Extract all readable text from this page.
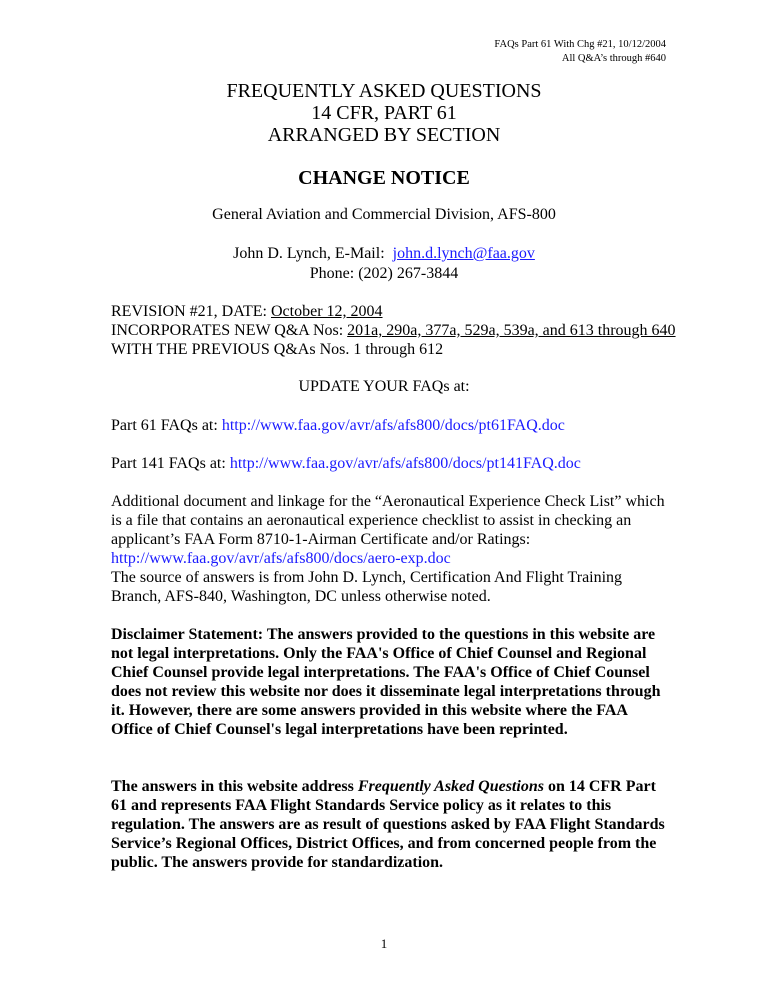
FAQs Part 61 With Chg #21, 10/12/2004
All Q&A’s through #640
FREQUENTLY ASKED QUESTIONS
14 CFR, PART 61
ARRANGED BY SECTION
CHANGE NOTICE
General Aviation and Commercial Division, AFS-800
John D. Lynch, E-Mail: john.d.lynch@faa.gov
Phone: (202) 267-3844
REVISION #21, DATE: October 12, 2004
INCORPORATES NEW Q&A Nos: 201a, 290a, 377a, 529a, 539a, and 613 through 640
WITH THE PREVIOUS Q&As Nos. 1 through 612
UPDATE YOUR FAQs at:
Part 61 FAQs at: http://www.faa.gov/avr/afs/afs800/docs/pt61FAQ.doc
Part 141 FAQs at: http://www.faa.gov/avr/afs/afs800/docs/pt141FAQ.doc
Additional document and linkage for the “Aeronautical Experience Check List” which is a file that contains an aeronautical experience checklist to assist in checking an applicant’s FAA Form 8710-1-Airman Certificate and/or Ratings: http://www.faa.gov/avr/afs/afs800/docs/aero-exp.doc
The source of answers is from John D. Lynch, Certification And Flight Training Branch, AFS-840, Washington, DC unless otherwise noted.
Disclaimer Statement: The answers provided to the questions in this website are not legal interpretations. Only the FAA's Office of Chief Counsel and Regional Chief Counsel provide legal interpretations. The FAA's Office of Chief Counsel does not review this website nor does it disseminate legal interpretations through it. However, there are some answers provided in this website where the FAA Office of Chief Counsel's legal interpretations have been reprinted.
The answers in this website address Frequently Asked Questions on 14 CFR Part 61 and represents FAA Flight Standards Service policy as it relates to this regulation. The answers are as result of questions asked by FAA Flight Standards Service’s Regional Offices, District Offices, and from concerned people from the public. The answers provide for standardization.
1
